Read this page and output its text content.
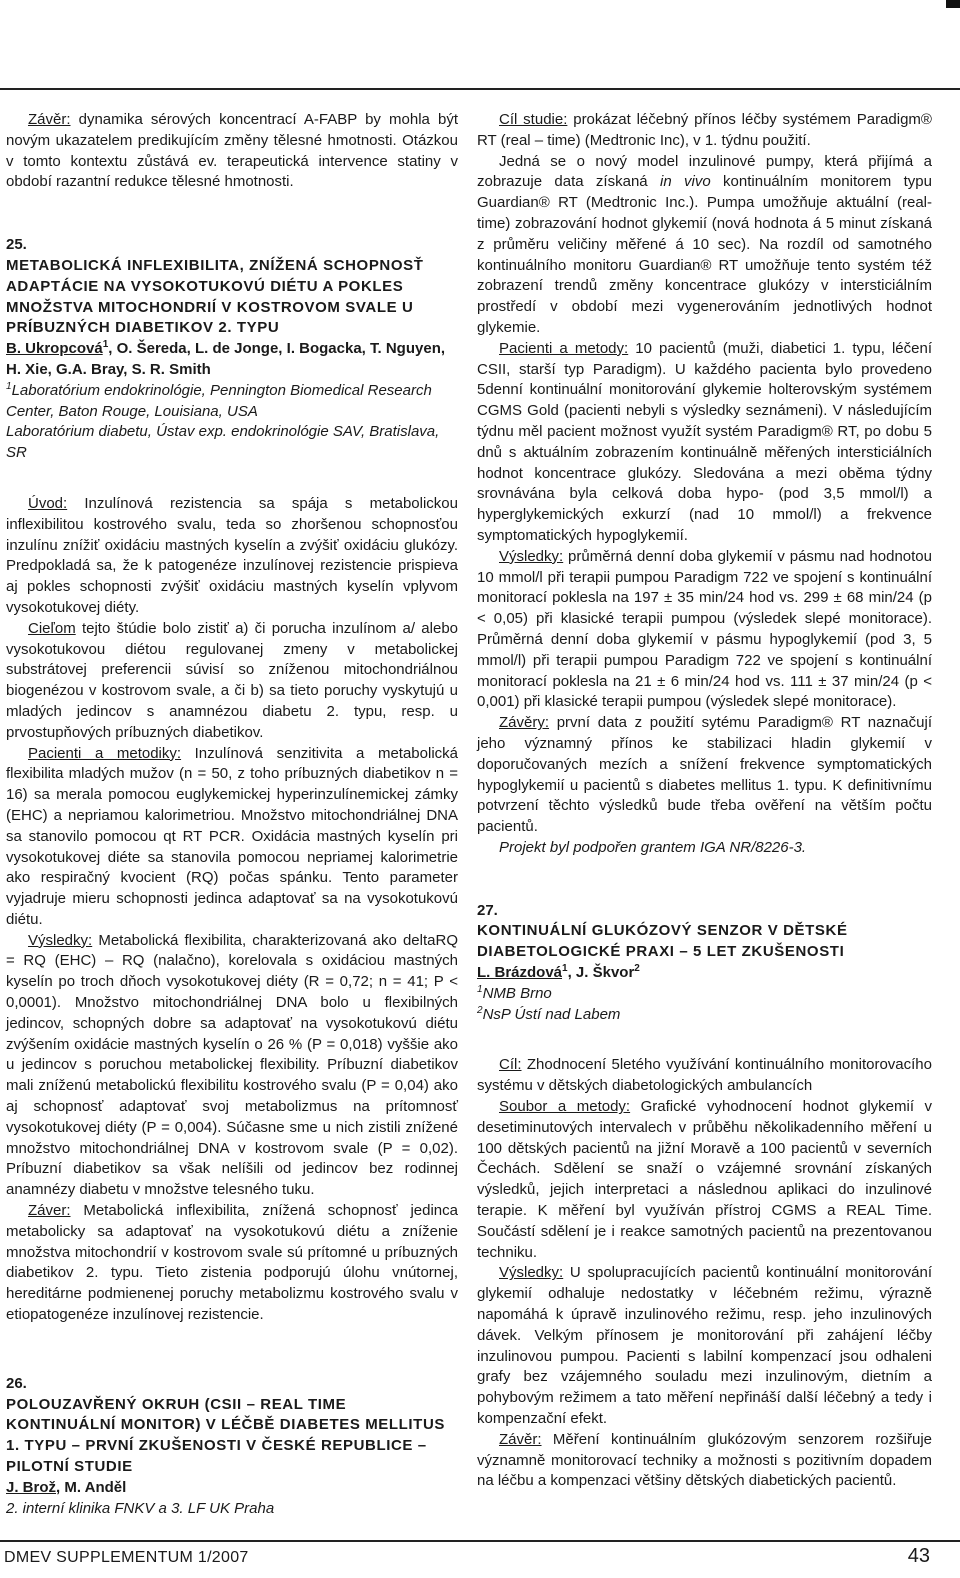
Závěr: dynamika sérových koncentrací A-FABP by mohla být novým ukazatelem predikujícím změny tělesné hmotnosti. Otázkou v tomto kontextu zůstává ev. terapeutická intervence statiny v období razantní redukce tělesné hmotnosti.

25.
METABOLICKÁ INFLEXIBILITA, ZNÍŽENÁ SCHOPNOSŤ ADAPTÁCIE NA VYSOKOTUKOVÚ DIÉTU A POKLES MNOŽSTVA MITOCHONDRIÍ V KOSTROVOM SVALE U PRÍBUZNÝCH DIABETIKOV 2. TYPU
B. Ukropcová$^1$, O. Šereda, L. de Jonge, I. Bogacka, T. Nguyen, H. Xie, G.A. Bray, S. R. Smith
$^1$Laboratórium endokrinológie, Pennington Biomedical Research Center, Baton Rouge, Louisiana, USA
Laboratórium diabetu, Ústav exp. endokrinológie SAV, Bratislava, SR

Úvod: Inzulínová rezistencia sa spája s metabolickou inflexibilitou kostrového svalu, teda so zhoršenou schopnosťou inzulínu znížiť oxidáciu mastných kyselín a zvýšiť oxidáciu glukózy. Predpokladá sa, že k patogenéze inzulínovej rezistencie prispieva aj pokles schopnosti zvýšiť oxidáciu mastných kyselín vplyvom vysokotukovej diéty.

Cieľom tejto štúdie bolo zistiť a) či porucha inzulínom a/ alebo vysokotukovou diétou regulovanej zmeny v metabolickej substrátovej preferencii súvisí so zníženou mitochondriálnou biogenézou v kostrovom svale, a či b) sa tieto poruchy vyskytujú u mladých jedincov s anamnézou diabetu 2. typu, resp. u prvostupňových príbuzných diabetikov.

Pacienti a metodiky: Inzulínová senzitivita a metabolická flexibilita mladých mužov (n = 50, z toho príbuzných diabetikov n = 16) sa merala pomocou euglykemickej hyperinzulínemickej zámky (EHC) a nepriamou kalorimetriou. Množstvo mitochondriálnej DNA sa stanovilo pomocou qt RT PCR. Oxidácia mastných kyselín pri vysokotukovej diéte sa stanovila pomocou nepriamej kalorimetrie ako respiračný kvocient (RQ) počas spánku. Tento parameter vyjadruje mieru schopnosti jedinca adaptovať sa na vysokotukovú diétu.

Výsledky: Metabolická flexibilita, charakterizovaná ako deltaRQ = RQ (EHC) – RQ (nalačno), korelovala s oxidáciou mastných kyselín po troch dňoch vysokotukovej diéty (R = 0,72; n = 41; P < 0,0001). Množstvo mitochondriálnej DNA bolo u flexibilných jedincov, schopných dobre sa adaptovať na vysokotukovú diétu zvýšením oxidácie mastných kyselín o 26 % (P = 0,018) vyššie ako u jedincov s poruchou metabolickej flexibility. Príbuzní diabetikov mali zníženú metabolickú flexibilitu kostrového svalu (P = 0,04) ako aj schopnosť adaptovať svoj metabolizmus na prítomnosť vysokotukovej diéty (P = 0,004). Súčasne sme u nich zistili znížené množstvo mitochondriálnej DNA v kostrovom svale (P = 0,02). Príbuzní diabetikov sa však nelíšili od jedincov bez rodinnej anamnézy diabetu v množstve telesného tuku.

Záver: Metabolická inflexibilita, znížená schopnosť jedinca metabolicky sa adaptovať na vysokotukovú diétu a zníženie množstva mitochondrií v kostrovom svale sú prítomné u príbuzných diabetikov 2. typu. Tieto zistenia podporujú úlohu vnútornej, hereditárne podmienenej poruchy metabolizmu kostrového svalu v etiopatogenéze inzulínovej rezistencie.

26.
POLOUZAVŘENÝ OKRUH (CSII – REAL TIME KONTINUÁLNÍ MONITOR) V LÉČBĚ DIABETES MELLITUS 1. TYPU – PRVNÍ ZKUŠENOSTI V ČESKÉ REPUBLICE – PILOTNÍ STUDIE
J. Brož, M. Anděl
2. interní klinika FNKV a 3. LF UK Praha

Cíl studie: prokázat léčebný přínos léčby systémem Paradigm® RT (real – time) (Medtronic Inc), v 1. týdnu použití.

Jedná se o nový model inzulinové pumpy, která přijímá a zobrazuje data získaná in vivo kontinuálním monitorem typu Guardian® RT (Medtronic Inc.). Pumpa umožňuje aktuální (real-time) zobrazování hodnot glykemií (nová hodnota á 5 minut získaná z průměru veličiny měřené á 10 sec). Na rozdíl od samotného kontinuálního monitoru Guardian® RT umožňuje tento systém též zobrazení trendů změny koncentrace glukózy v intersticiálním prostředí v období mezi vygenerováním jednotlivých hodnot glykemie.

Pacienti a metody: 10 pacientů (muži, diabetici 1. typu, léčení CSII, starší typ Paradigm). U každého pacienta bylo provedeno 5denní kontinuální monitorování glykemie holterovským systémem CGMS Gold (pacienti nebyli s výsledky seznámeni). V následujícím týdnu měl pacient možnost využít systém Paradigm® RT, po dobu 5 dnů s aktuálním zobrazením kontinuálně měřených intersticiálních hodnot koncentrace glukózy. Sledována a mezi oběma týdny srovnávána byla celková doba hypo- (pod 3,5 mmol/l) a hyperglykemických exkurzí (nad 10 mmol/l) a frekvence symptomatických hypoglykemií.

Výsledky: průměrná denní doba glykemií v pásmu nad hodnotou 10 mmol/l při terapii pumpou Paradigm 722 ve spojení s kontinuální monitorací poklesla na 197 ± 35 min/24 hod vs. 299 ± 68 min/24 (p < 0,05) při klasické terapii pumpou (výsledek slepé monitorace). Průměrná denní doba glykemií v pásmu hypoglykemií (pod 3, 5 mmol/l) při terapii pumpou Paradigm 722 ve spojení s kontinuální monitorací poklesla na 21 ± 6 min/24 hod vs. 111 ± 37 min/24 (p < 0,001) při klasické terapii pumpou (výsledek slepé monitorace).

Závěry: první data z použití sytému Paradigm® RT naznačují jeho významný přínos ke stabilizaci hladin glykemií v doporučovaných mezích a snížení frekvence symptomatických hypoglykemií u pacientů s diabetes mellitus 1. typu. K definitivnímu potvrzení těchto výsledků bude třeba ověření na větším počtu pacientů.

Projekt byl podpořen grantem IGA NR/8226-3.

27.
KONTINUÁLNÍ GLUKÓZOVÝ SENZOR V DĚTSKÉ DIABETOLOGICKÉ PRAXI – 5 LET ZKUŠENOSTI
L. Brázdová$^1$, J. Škvor$^2$
$^1$NMB Brno
$^2$NsP Ústí nad Labem

Cíl: Zhodnocení 5letého využívání kontinuálního monitorovacího systému v dětských diabetologických ambulancích

Soubor a metody: Grafické vyhodnocení hodnot glykemií v desetiminutových intervalech v průběhu několikadenního měření u 100 dětských pacientů na jižní Moravě a 100 pacientů v severních Čechách. Sdělení se snaží o vzájemné srovnání získaných výsledků, jejich interpretaci a následnou aplikaci do inzulinové terapie. K měření byl využíván přístroj CGMS a REAL Time. Součástí sdělení je i reakce samotných pacientů na prezentovanou techniku.

Výsledky: U spolupracujících pacientů kontinuální monitorování glykemií odhaluje nedostatky v léčebném režimu, výrazně napomáhá k úpravě inzulinového režimu, resp. jeho inzulinových dávek. Velkým přínosem je monitorování při zahájení léčby inzulinovou pumpou. Pacienti s labilní kompenzací jsou odhaleni grafy bez vzájemného souladu mezi inzulinovým, dietním a pohybovým režimem a tato měření nepřináší další léčebný a tedy i kompenzační efekt.

Závěr: Měření kontinuálním glukózovým senzorem rozšiřuje významně monitorovací techniky a možnosti s pozitivním dopadem na léčbu a kompenzaci většiny dětských diabetických pacientů.

DMEV SUPPLEMENTUM 1/2007	43
